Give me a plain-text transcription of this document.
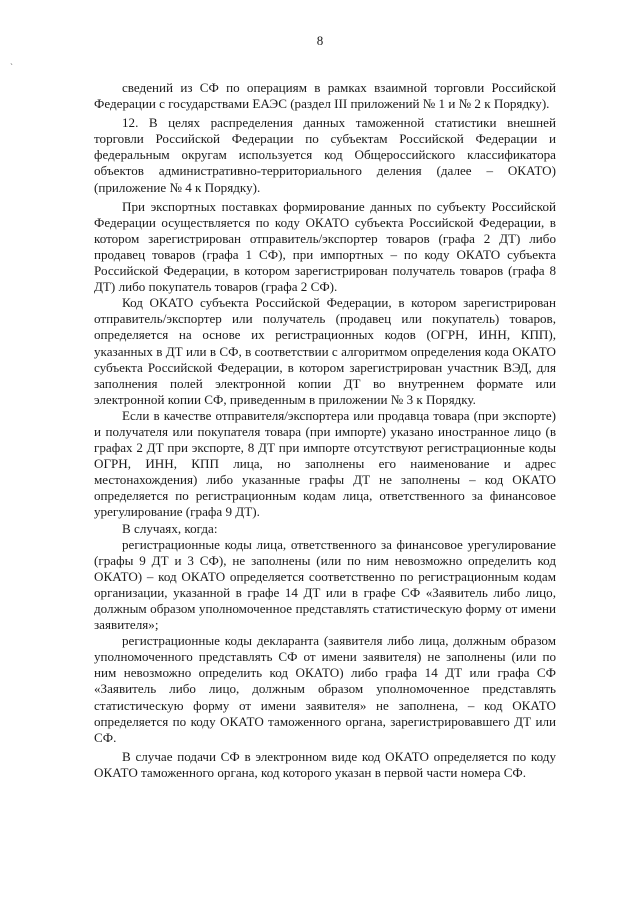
`
8

сведений из СФ по операциям в рамках взаимной торговли Российской Федерации с государствами ЕАЭС (раздел III приложений № 1 и № 2 к Порядку).

12. В целях распределения данных таможенной статистики внешней торговли Российской Федерации по субъектам Российской Федерации и федеральным округам используется код Общероссийского классификатора объектов административно-территориального деления (далее – ОКАТО) (приложение № 4 к Порядку).

При экспортных поставках формирование данных по субъекту Российской Федерации осуществляется по коду ОКАТО субъекта Российской Федерации, в котором зарегистрирован отправитель/экспортер товаров (графа 2 ДТ) либо продавец товаров (графа 1 СФ), при импортных – по коду ОКАТО субъекта Российской Федерации, в котором зарегистрирован получатель товаров (графа 8 ДТ) либо покупатель товаров (графа 2 СФ).

Код ОКАТО субъекта Российской Федерации, в котором зарегистрирован отправитель/экспортер или получатель (продавец или покупатель) товаров, определяется на основе их регистрационных кодов (ОГРН, ИНН, КПП), указанных в ДТ или в СФ, в соответствии с алгоритмом определения кода ОКАТО субъекта Российской Федерации, в котором зарегистрирован участник ВЭД, для заполнения полей электронной копии ДТ во внутреннем формате или электронной копии СФ, приведенным в приложении № 3 к Порядку.

Если в качестве отправителя/экспортера или продавца товара (при экспорте) и получателя или покупателя товара (при импорте) указано иностранное лицо (в графах 2 ДТ при экспорте, 8 ДТ при импорте отсутствуют регистрационные коды ОГРН, ИНН, КПП лица, но заполнены его наименование и адрес местонахождения) либо указанные графы ДТ не заполнены – код ОКАТО определяется по регистрационным кодам лица, ответственного за финансовое урегулирование (графа 9 ДТ).

В случаях, когда:

регистрационные коды лица, ответственного за финансовое урегулирование (графы 9 ДТ и 3 СФ), не заполнены (или по ним невозможно определить код ОКАТО) – код ОКАТО определяется соответственно по регистрационным кодам организации, указанной в графе 14 ДТ или в графе СФ «Заявитель либо лицо, должным образом уполномоченное представлять статистическую форму от имени заявителя»;

регистрационные коды декларанта (заявителя либо лица, должным образом уполномоченного представлять СФ от имени заявителя) не заполнены (или по ним невозможно определить код ОКАТО) либо графа 14 ДТ или графа СФ «Заявитель либо лицо, должным образом уполномоченное представлять статистическую форму от имени заявителя» не заполнена, – код ОКАТО определяется по коду ОКАТО таможенного органа, зарегистрировавшего ДТ или СФ.

В случае подачи СФ в электронном виде код ОКАТО определяется по коду ОКАТО таможенного органа, код которого указан в первой части номера СФ.
